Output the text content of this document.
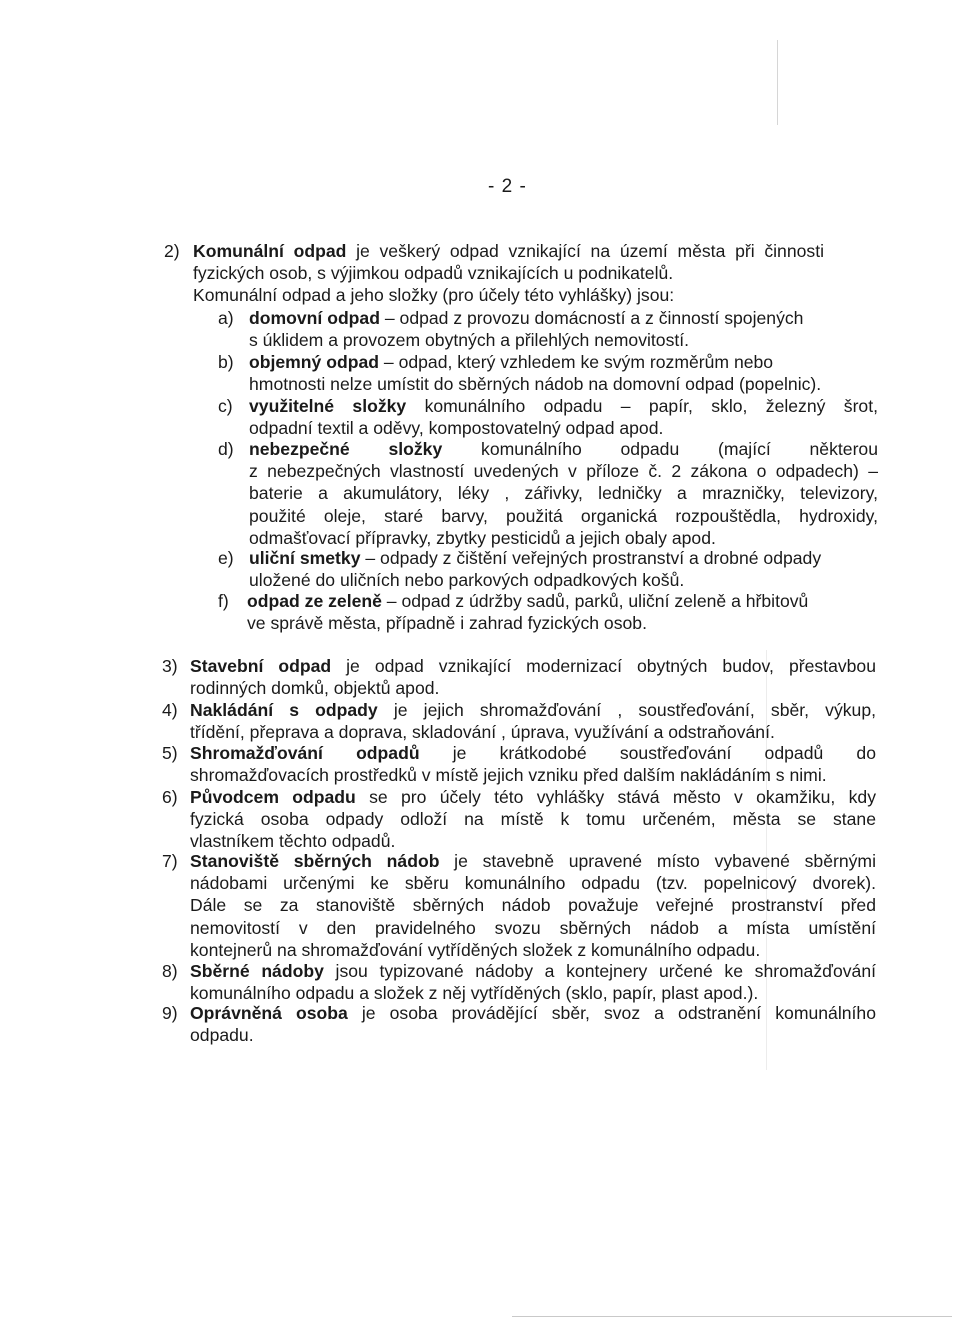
- 2 -
2) Komunální odpad je veškerý odpad vznikající na území města při činnosti
fyzických osob, s výjimkou odpadů vznikajících u podnikatelů.
Komunální odpad a jeho složky (pro účely této vyhlášky) jsou:
a) domovní odpad – odpad z provozu domácností a z činností spojených
s úklidem a provozem obytných a přilehlých nemovitostí.
b) objemný odpad – odpad, který vzhledem ke svým rozměrům nebo
hmotnosti nelze umístit do sběrných nádob na domovní odpad (popelnic).
c) využitelné složky komunálního odpadu – papír, sklo, železný šrot,
odpadní textil a oděvy, kompostovatelný odpad apod.
d) nebezpečné složky komunálního odpadu (mající některou
z nebezpečných vlastností uvedených v příloze č. 2 zákona o odpadech) –
baterie a akumulátory, léky , zářivky, ledničky a mrazničky, televizory,
použité oleje, staré barvy, použitá organická rozpouštědla, hydroxidy,
odmašťovací přípravky, zbytky pesticidů a jejich obaly apod.
e) uliční smetky – odpady z čištění veřejných prostranství a drobné odpady
uložené do uličních nebo parkových odpadkových košů.
f) odpad ze zeleně – odpad z údržby sadů, parků, uliční zeleně a hřbitovů
ve správě města, případně i zahrad fyzických osob.
3) Stavební odpad je odpad vznikající modernizací obytných budov, přestavbou
rodinných domků, objektů apod.
4) Nakládání s odpady je jejich shromažďování , soustřeďování, sběr, výkup,
třídění, přeprava a doprava, skladování , úprava, využívání a odstraňování.
5) Shromažďování odpadů je krátkodobé soustřeďování odpadů do
shromažďovacích prostředků v místě jejich vzniku před dalším nakládáním s nimi.
6) Původcem odpadu se pro účely této vyhlášky stává město v okamžiku, kdy
fyzická osoba odpady odloží na místě k tomu určeném, města se stane
vlastníkem těchto odpadů.
7) Stanoviště sběrných nádob je stavebně upravené místo vybavené sběrnými
nádobami určenými ke sběru komunálního odpadu (tzv. popelnicový dvorek).
Dále se za stanoviště sběrných nádob považuje veřejné prostranství před
nemovitostí v den pravidelného svozu sběrných nádob a místa umístění
kontejnerů na shromažďování vytříděných složek z komunálního odpadu.
8) Sběrné nádoby jsou typizované nádoby a kontejnery určené ke shromažďování
komunálního odpadu a složek z něj vytříděných (sklo, papír, plast apod.).
9) Oprávněná osoba je osoba provádějící sběr, svoz a odstranění komunálního
odpadu.
